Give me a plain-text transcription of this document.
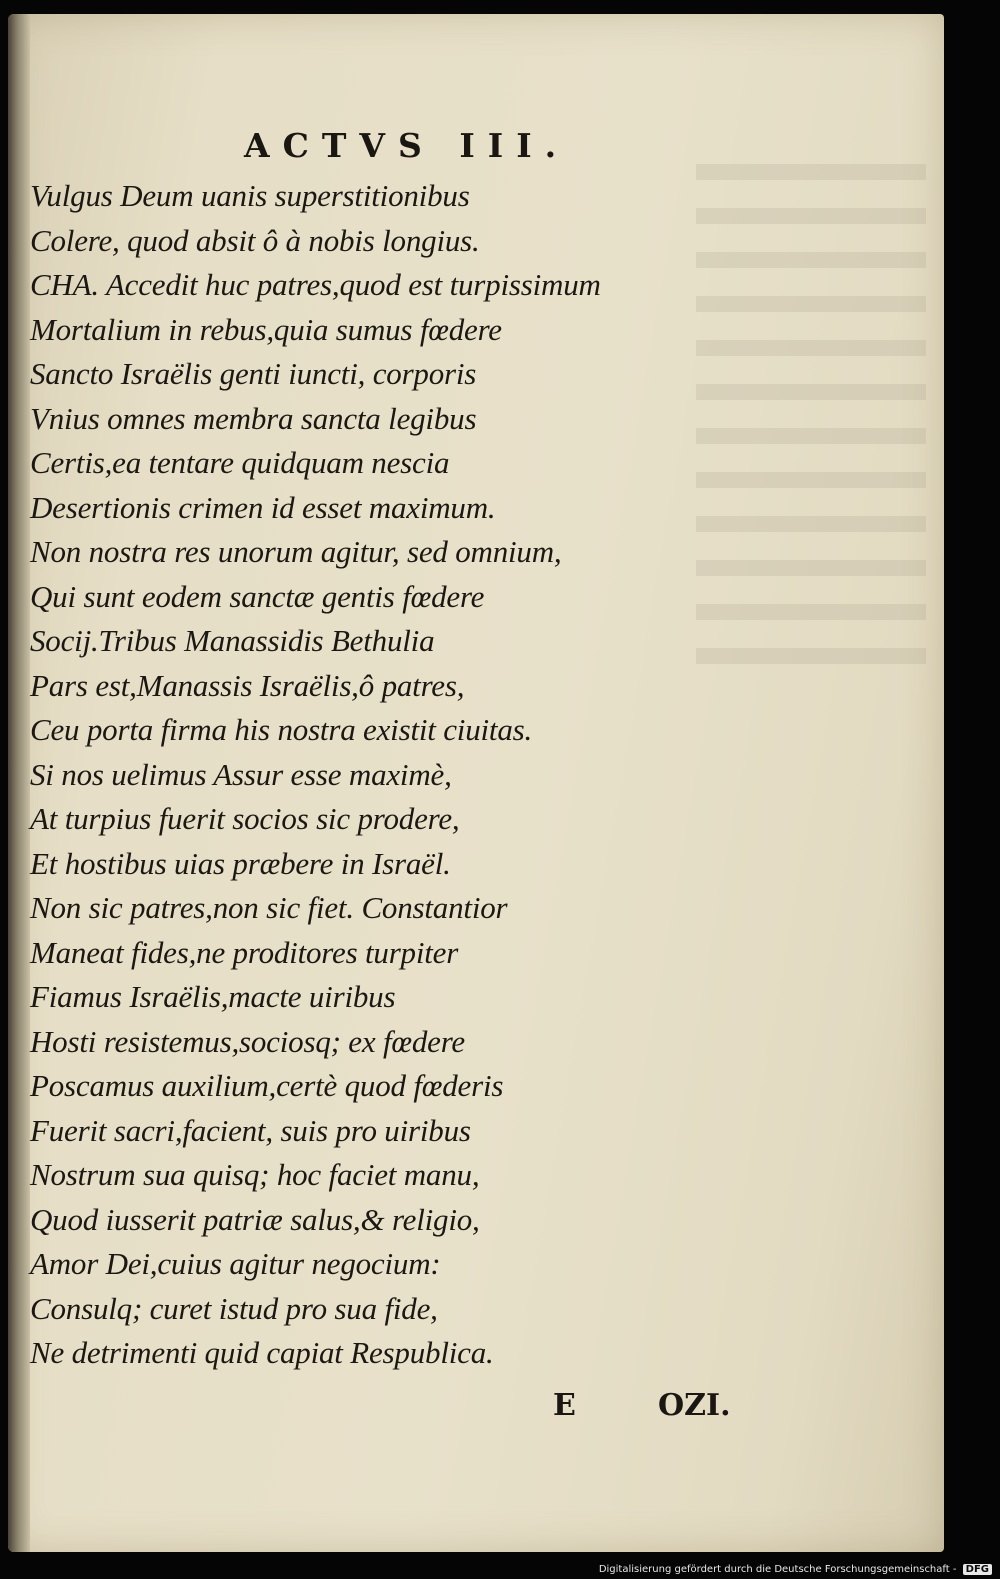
ACTVS III.
Vulgus Deum uanis superstitionibus
Colere, quod absit ô à nobis longius.
CHA. Accedit huc patres,quod est turpissimum
Mortalium in rebus,quia sumus fœdere
Sancto Israëlis genti iuncti, corporis
Vnius omnes membra sancta legibus
Certis,ea tentare quidquam nescia
Desertionis crimen id esset maximum.
Non nostra res unorum agitur, sed omnium,
Qui sunt eodem sanctæ gentis fœdere
Socij.Tribus Manassidis Bethulia
Pars est,Manassis Israëlis,ô patres,
Ceu porta firma his nostra existit ciuitas.
Si nos uelimus Assur esse maximè,
At turpius fuerit socios sic prodere,
Et hostibus uias præbere in Israël.
Non sic patres,non sic fiet. Constantior
Maneat fides,ne proditores turpiter
Fiamus Israëlis,macte uiribus
Hosti resistemus,sociosq; ex fœdere
Poscamus auxilium,certè quod fœderis
Fuerit sacri,facient, suis pro uiribus
Nostrum sua quisq; hoc faciet manu,
Quod iusserit patriæ salus,& religio,
Amor Dei,cuius agitur negocium:
Consulq; curet istud pro sua fide,
Ne detrimenti quid capiat Respublica.
E	OZI.
Digitalisierung gefördert durch die Deutsche Forschungsgemeinschaft - DFG
